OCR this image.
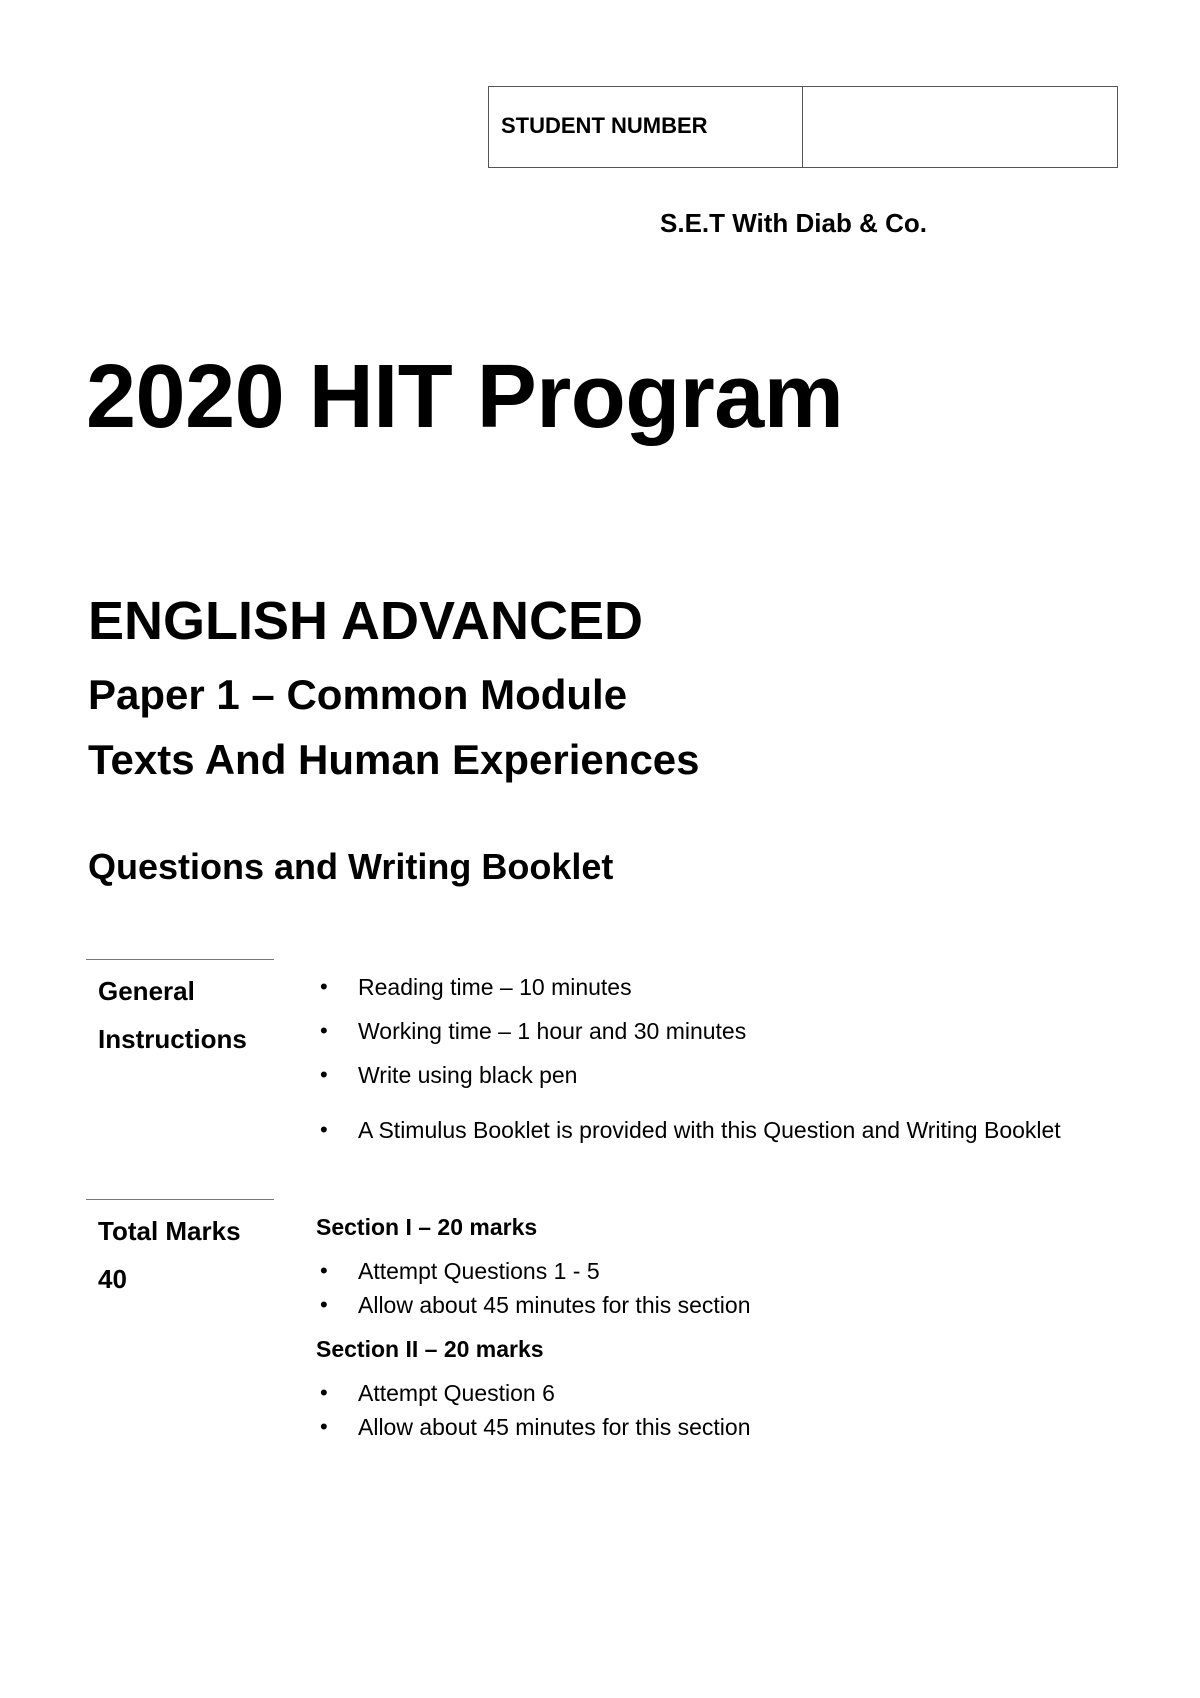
STUDENT NUMBER
S.E.T With Diab & Co.
2020 HIT Program
ENGLISH ADVANCED
Paper 1 – Common Module
Texts And Human Experiences
Questions and Writing Booklet
General
Instructions
• Reading time – 10 minutes
• Working time – 1 hour and 30 minutes
• Write using black pen
• A Stimulus Booklet is provided with this Question and Writing Booklet
Total Marks
40
Section I – 20 marks
• Attempt Questions 1 - 5
• Allow about 45 minutes for this section
Section II – 20 marks
• Attempt Question 6
• Allow about 45 minutes for this section
